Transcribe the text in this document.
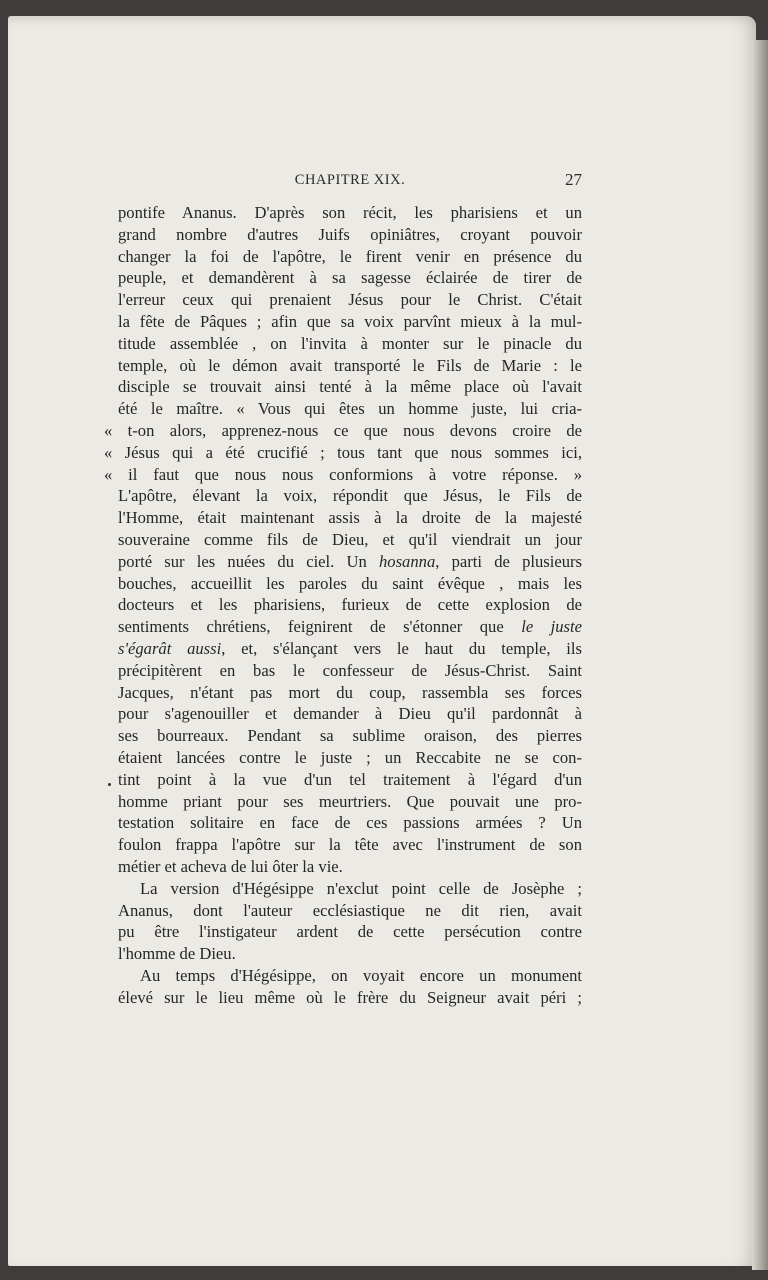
CHAPITRE XIX.	27
pontife Ananus. D'après son récit, les pharisiens et un
grand nombre d'autres Juifs opiniâtres, croyant pouvoir
changer la foi de l'apôtre, le firent venir en présence du
peuple, et demandèrent à sa sagesse éclairée de tirer de
l'erreur ceux qui prenaient Jésus pour le Christ. C'était
la fête de Pâques ; afin que sa voix parvînt mieux à la mul-
titude assemblée , on l'invita à monter sur le pinacle du
temple, où le démon avait transporté le Fils de Marie : le
disciple se trouvait ainsi tenté à la même place où l'avait
été le maître. « Vous qui êtes un homme juste, lui cria-
« t-on alors, apprenez-nous ce que nous devons croire de
« Jésus qui a été crucifié ; tous tant que nous sommes ici,
« il faut que nous nous conformions à votre réponse. »
L'apôtre, élevant la voix, répondit que Jésus, le Fils de
l'Homme, était maintenant assis à la droite de la majesté
souveraine comme fils de Dieu, et qu'il viendrait un jour
porté sur les nuées du ciel. Un hosanna, parti de plusieurs
bouches, accueillit les paroles du saint évêque , mais les
docteurs et les pharisiens, furieux de cette explosion de
sentiments chrétiens, feignirent de s'étonner que le juste
s'égarât aussi, et, s'élançant vers le haut du temple, ils
précipitèrent en bas le confesseur de Jésus-Christ. Saint
Jacques, n'étant pas mort du coup, rassembla ses forces
pour s'agenouiller et demander à Dieu qu'il pardonnât à
ses bourreaux. Pendant sa sublime oraison, des pierres
étaient lancées contre le juste ; un Reccabite ne se con-
tint point à la vue d'un tel traitement à l'égard d'un
homme priant pour ses meurtriers. Que pouvait une pro-
testation solitaire en face de ces passions armées ? Un
foulon frappa l'apôtre sur la tête avec l'instrument de son
métier et acheva de lui ôter la vie.
La version d'Hégésippe n'exclut point celle de Josèphe ;
Ananus, dont l'auteur ecclésiastique ne dit rien, avait
pu être l'instigateur ardent de cette persécution contre
l'homme de Dieu.
Au temps d'Hégésippe, on voyait encore un monument
élevé sur le lieu même où le frère du Seigneur avait péri ;
